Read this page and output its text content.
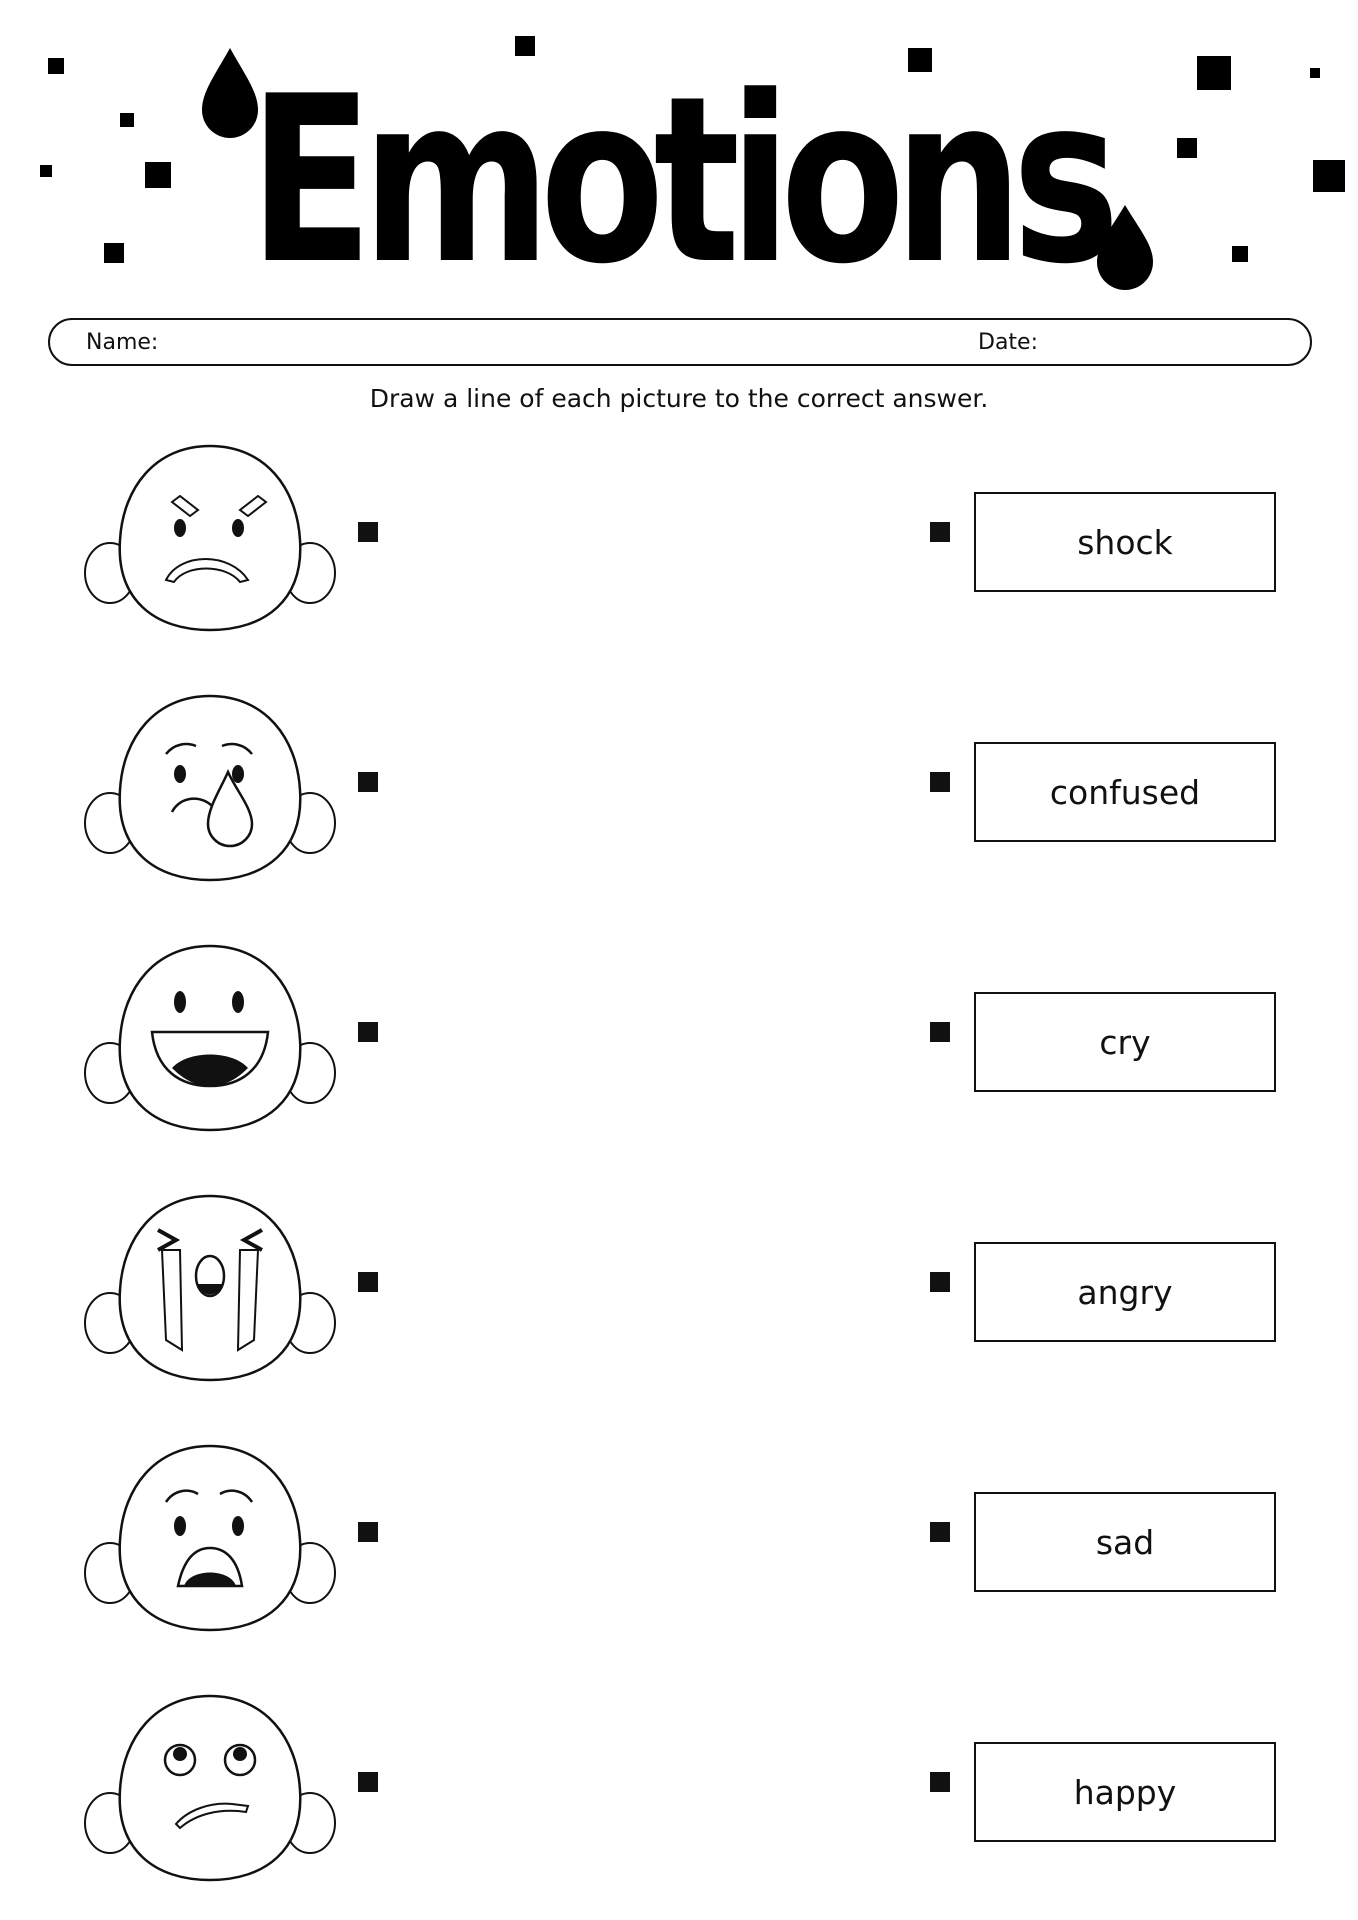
Emotions
Name:	Date:
Draw a line of each picture to the correct answer.
shock
confused
cry
angry
sad
happy
